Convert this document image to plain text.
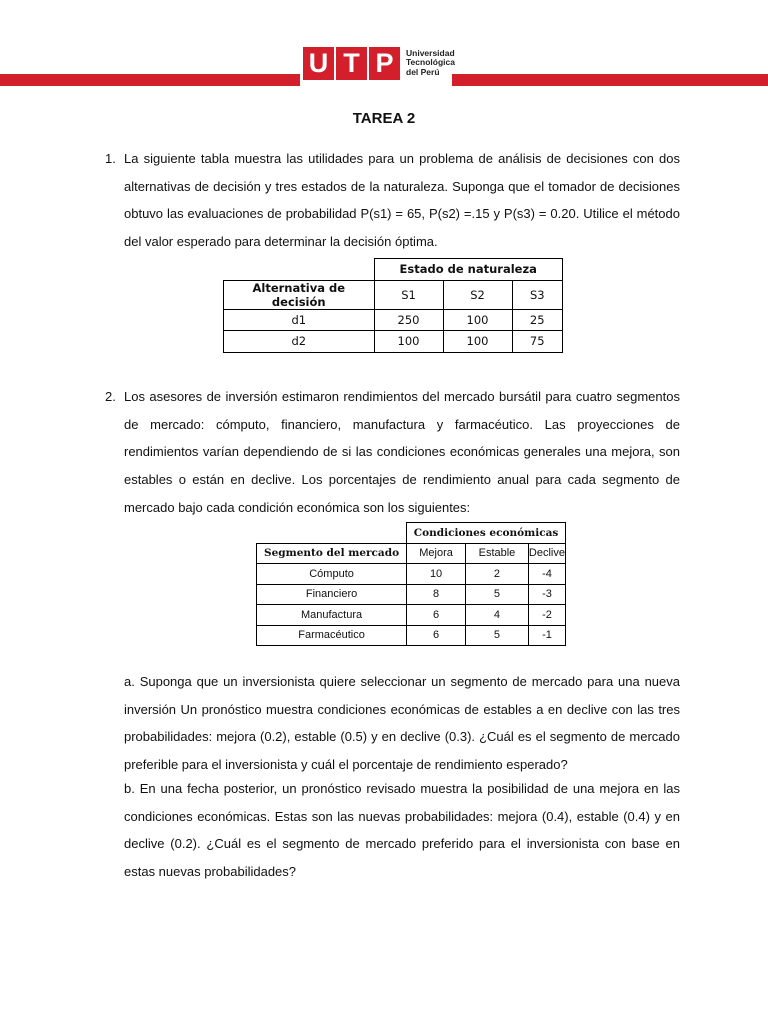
U T P	Universidad
Tecnológica
del Perú
TAREA 2
1. La siguiente tabla muestra las utilidades para un problema de análisis de decisiones con dos alternativas de decisión y tres estados de la naturaleza. Suponga que el tomador de decisiones obtuvo las evaluaciones de probabilidad P(s1) = 65, P(s2) =.15 y P(s3) = 0.20. Utilice el método del valor esperado para determinar la decisión óptima.
	Estado de naturaleza		
Alternativa de decisión	S1	S2	S3
d1	250	100	25
d2	100	100	75
2. Los asesores de inversión estimaron rendimientos del mercado bursátil para cuatro segmentos de mercado: cómputo, financiero, manufactura y farmacéutico. Las proyecciones de rendimientos varían dependiendo de si las condiciones económicas generales una mejora, son estables o están en declive. Los porcentajes de rendimiento anual para cada segmento de mercado bajo cada condición económica son los siguientes:
	Condiciones económicas		
Segmento del mercado	Mejora	Estable	Declive
Cómputo	10	2	-4
Financiero	8	5	-3
Manufactura	6	4	-2
Farmacéutico	6	5	-1
a. Suponga que un inversionista quiere seleccionar un segmento de mercado para una nueva inversión Un pronóstico muestra condiciones económicas de estables a en declive con las tres probabilidades: mejora (0.2), estable (0.5) y en declive (0.3). ¿Cuál es el segmento de mercado preferible para el inversionista y cuál el porcentaje de rendimiento esperado?
b. En una fecha posterior, un pronóstico revisado muestra la posibilidad de una mejora en las condiciones económicas. Estas son las nuevas probabilidades: mejora (0.4), estable (0.4) y en declive (0.2). ¿Cuál es el segmento de mercado preferido para el inversionista con base en estas nuevas probabilidades?
